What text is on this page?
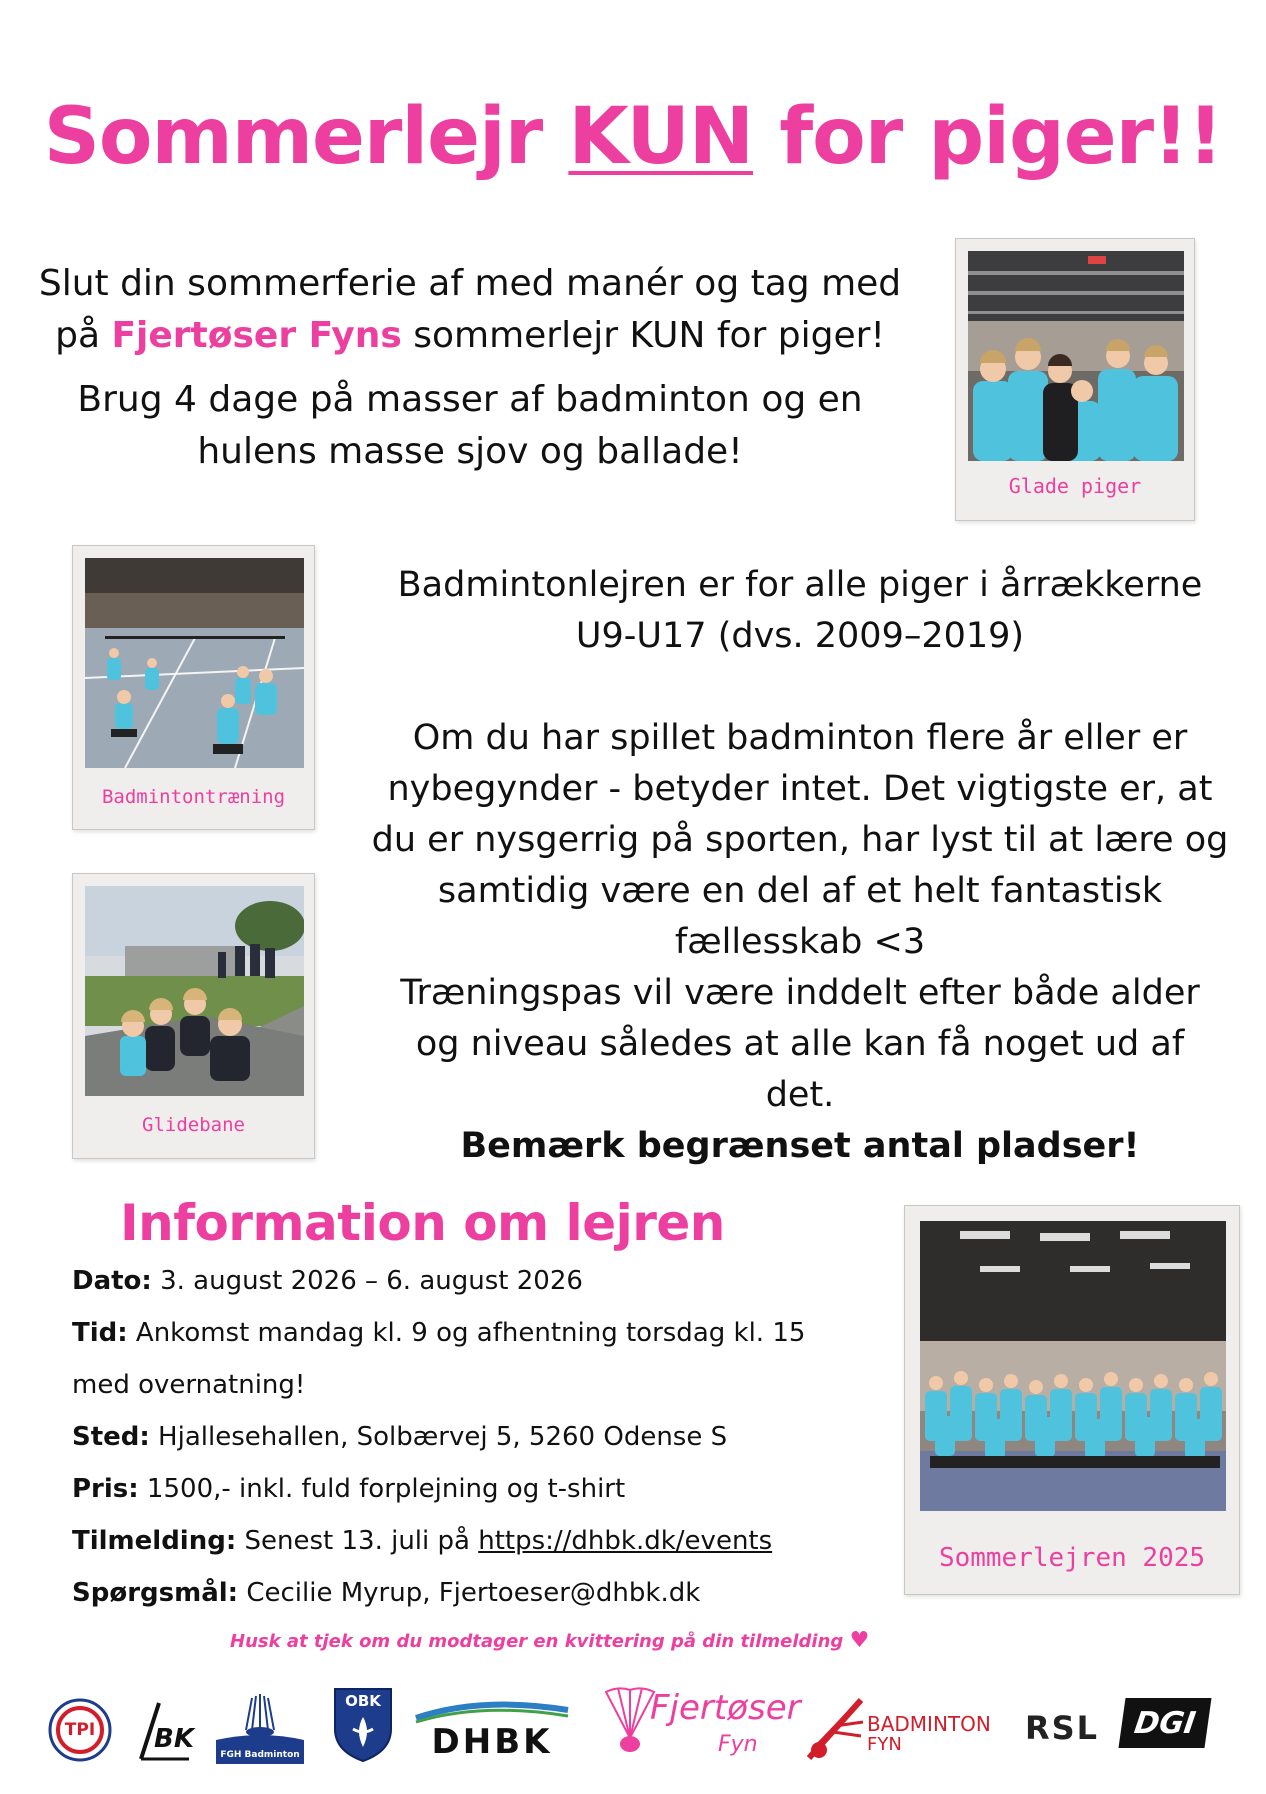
Sommerlejr KUN for piger!!

Slut din sommerferie af med manér og tag med
på Fjertøser Fyns sommerlejr KUN for piger!

Brug 4 dage på masser af badminton og en
hulens masse sjov og ballade!

Glade piger
Badmintontræning
Glidebane
Badmintonlejren er for alle piger i årrækkerne
U9-U17 (dvs. 2009–2019)
Om du har spillet badminton flere år eller er
nybegynder - betyder intet. Det vigtigste er, at
du er nysgerrig på sporten, har lyst til at lære og
samtidig være en del af et helt fantastisk
fællesskab <3
Træningspas vil være inddelt efter både alder
og niveau således at alle kan få noget ud af
det.
Bemærk begrænset antal pladser!
Information om lejren
Dato: 3. august 2026 – 6. august 2026
Tid: Ankomst mandag kl. 9 og afhentning torsdag kl. 15
med overnatning!
Sted: Hjallesehallen, Solbærvej 5, 5260 Odense S
Pris: 1500,- inkl. fuld forplejning og t-shirt
Tilmelding: Senest 13. juli på https://dhbk.dk/events
Spørgsmål: Cecilie Myrup, Fjertoeser@dhbk.dk
Sommerlejren 2025
Husk at tjek om du modtager en kvittering på din tilmelding ♥
TPI BK
FGH Badminton
OBK
DHBK
Fjertøser
Fyn
BADMINTON
FYN	RSL DGI
